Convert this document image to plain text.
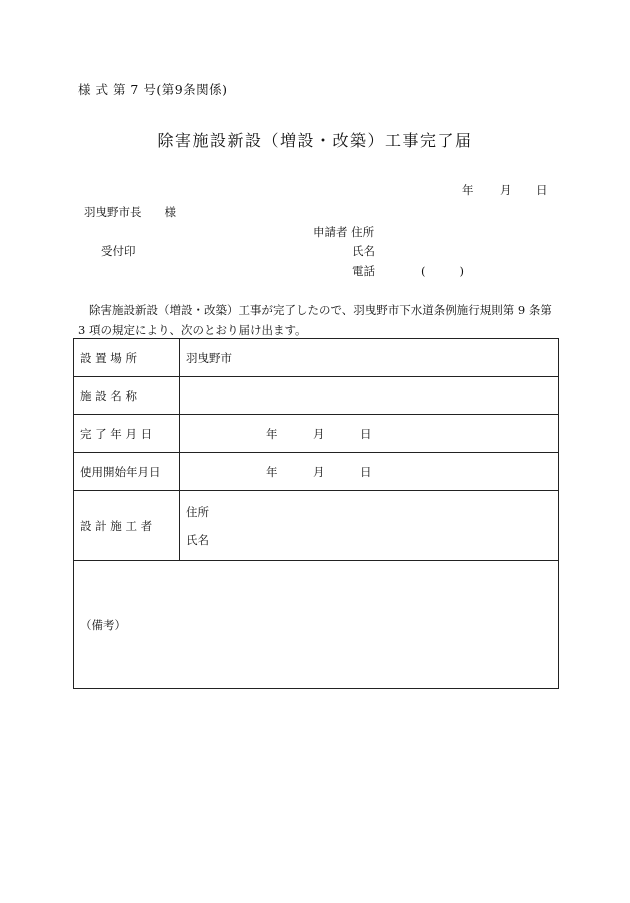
様 式 第 7 号(第9条関係)
除害施設新設（増設・改築）工事完了届
年 月 日
羽曳野市長　　様
申請者 住所
受付印	氏名
電話	(	)
除害施設新設（増設・改築）工事が完了したので、羽曳野市下水道条例施行規則第 9 条第 3 項の規定により、次のとおり届け出ます。
設 置 場 所	羽曳野市
施 設 名 称	
完 了 年 月 日	年 月 日
使用開始年月日	年 月 日
設 計 施 工 者	住所
氏名

（備考）	
